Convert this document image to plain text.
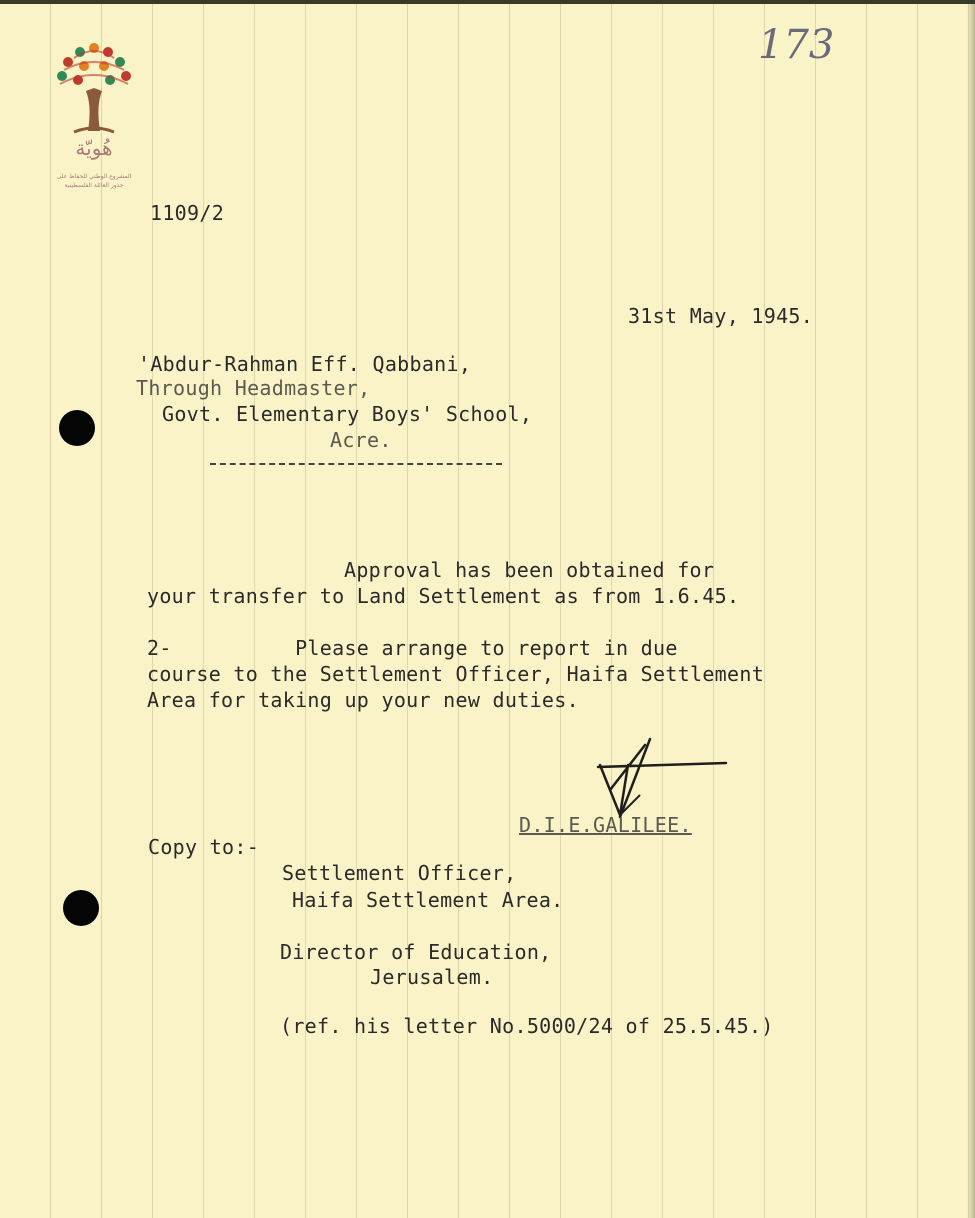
هُويّة
المشروع الوطني للحفاظ على
جذور العائلة الفلسطينية
173
1109/2
31st May, 1945.
'Abdur-Rahman Eff. Qabbani,
Through Headmaster,
Govt. Elementary Boys' School,
Acre.
Approval has been obtained for
your transfer to Land Settlement as from 1.6.45.
2-          Please arrange to report in due
course to the Settlement Officer, Haifa Settlement
Area for taking up your new duties.
D.I.E.GALILEE.
Copy to:-
Settlement Officer,
Haifa Settlement Area.
Director of Education,
Jerusalem.
(ref. his letter No.5000/24 of 25.5.45.)
